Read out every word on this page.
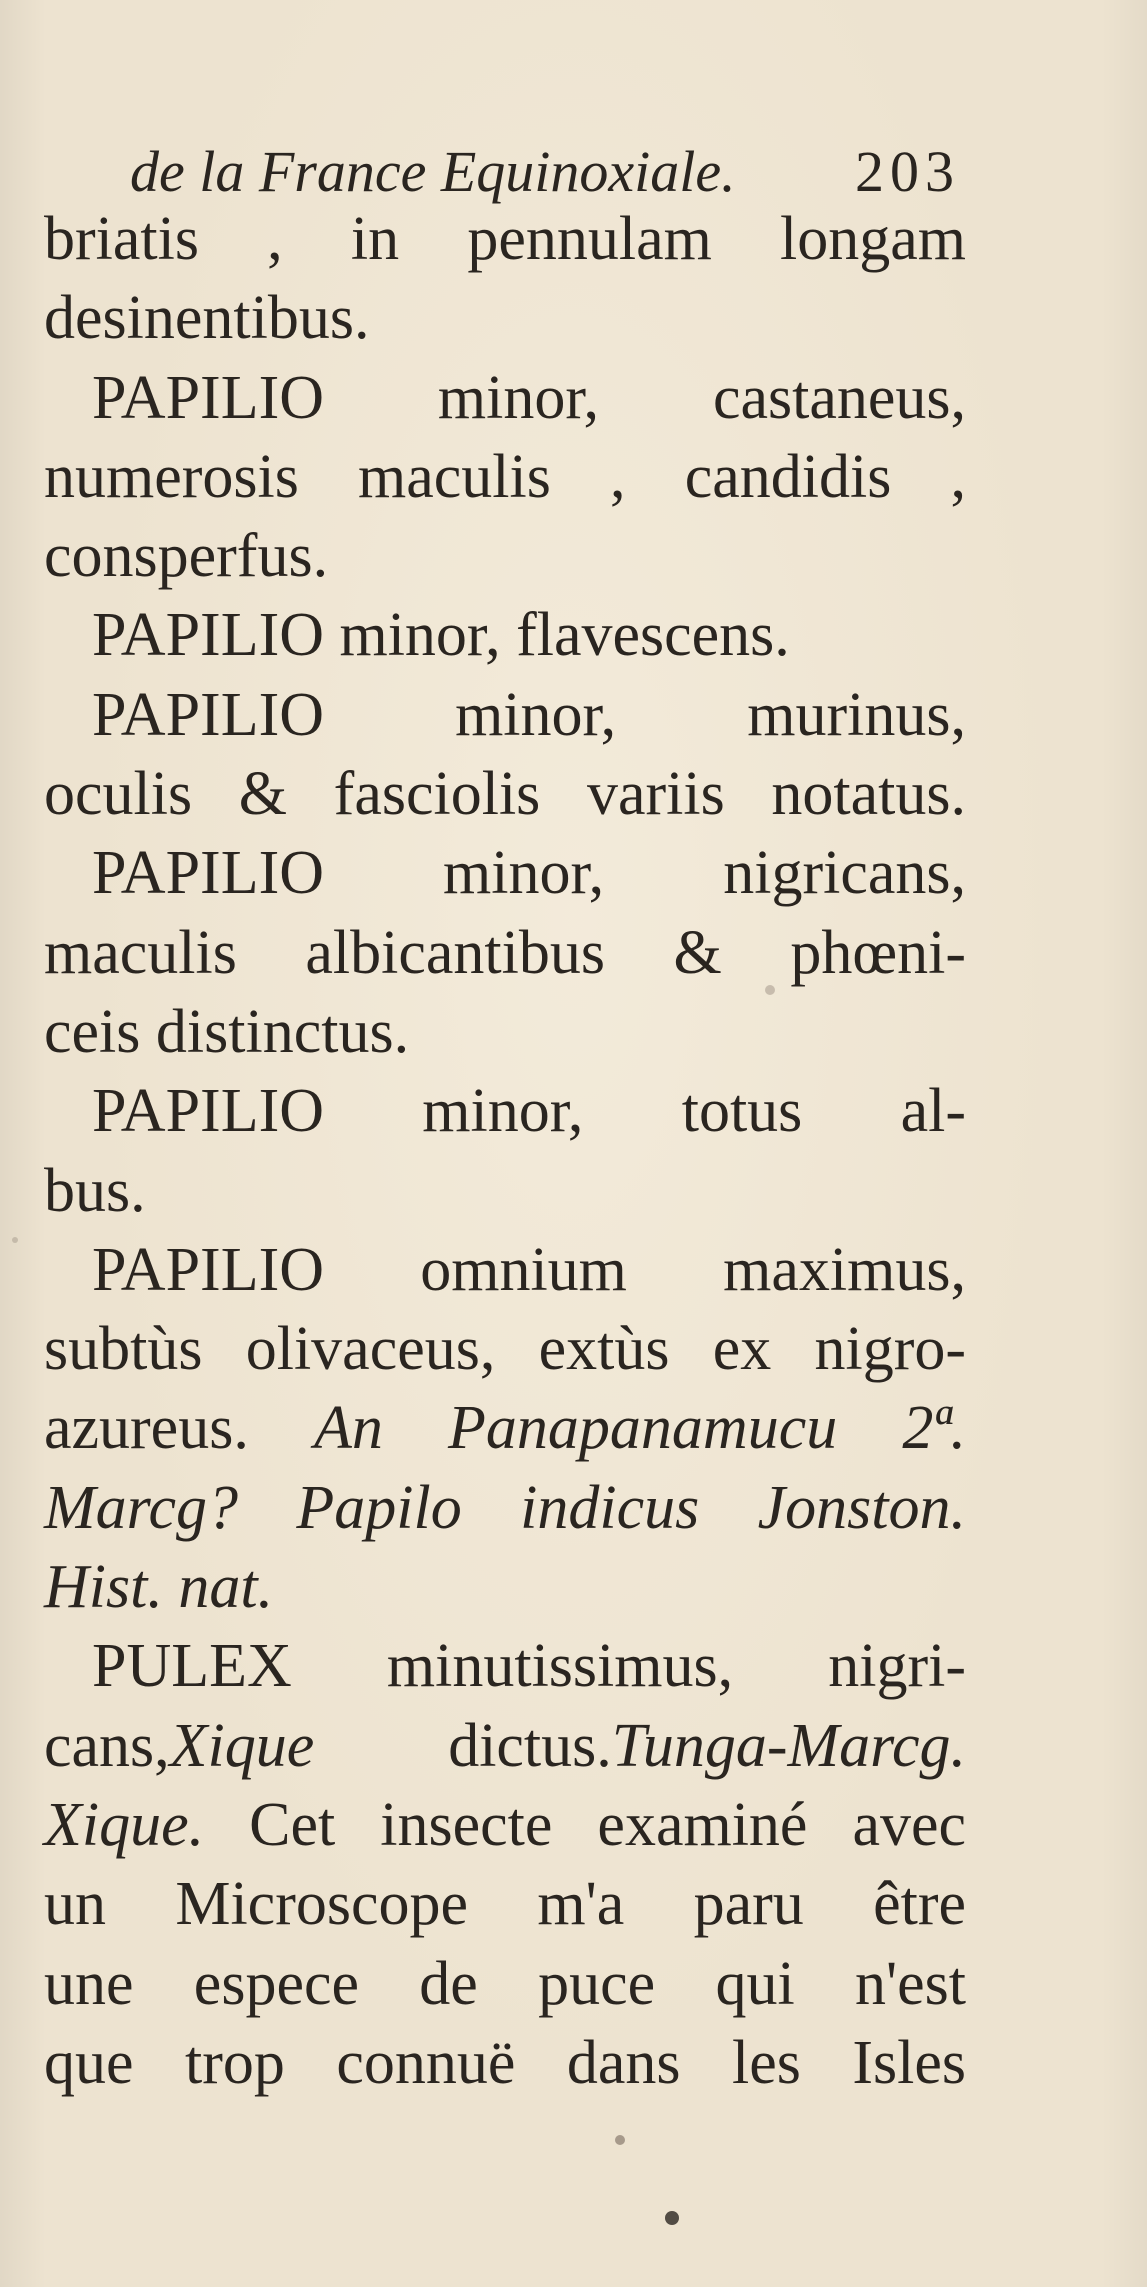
de la France Equinoxiale. 203
briatis , in pennulam longam
desinentibus.
PAPILIO minor, castaneus,
numerosis maculis , candidis ,
consperfus.
PAPILIO minor, flavescens.
PAPILIO minor, murinus,
oculis & fasciolis variis notatus.
PAPILIO minor, nigricans,
maculis albicantibus & phœni-
ceis distinctus.
PAPILIO minor, totus al-
bus.
PAPILIO omnium maximus,
subtùs olivaceus, extùs ex nigro-
azureus. An Panapanamucu 2ª.
Marcg? Papilo indicus Jonston.
Hist. nat.
PULEX minutissimus, nigri-
cans,Xique dictus.Tunga-Marcg.
Xique. Cet insecte examiné avec
un Microscope m'a paru être
une espece de puce qui n'est
que trop connuë dans les Isles
